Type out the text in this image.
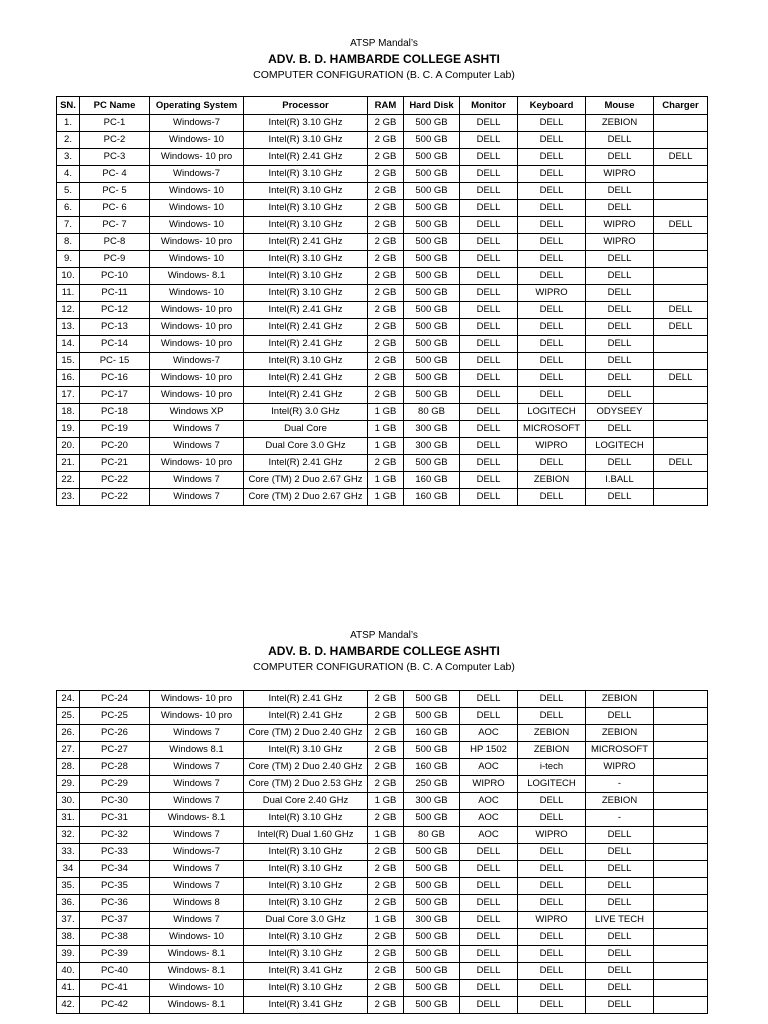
ATSP Mandal’s
ADV. B. D. HAMBARDE COLLEGE ASHTI
COMPUTER CONFIGURATION (B. C. A Computer Lab)
SN.	PC Name	Operating System	Processor	RAM	Hard Disk	Monitor	Keyboard	Mouse	Charger
1.	PC-1	Windows-7	Intel(R) 3.10 GHz	2 GB	500 GB	DELL	DELL	ZEBION	
2.	PC-2	Windows- 10	Intel(R) 3.10 GHz	2 GB	500 GB	DELL	DELL	DELL	
3.	PC-3	Windows- 10 pro	Intel(R) 2.41 GHz	2 GB	500 GB	DELL	DELL	DELL	DELL
4.	PC- 4	Windows-7	Intel(R) 3.10 GHz	2 GB	500 GB	DELL	DELL	WIPRO	
5.	PC- 5	Windows- 10	Intel(R) 3.10 GHz	2 GB	500 GB	DELL	DELL	DELL	
6.	PC- 6	Windows- 10	Intel(R) 3.10 GHz	2 GB	500 GB	DELL	DELL	DELL	
7.	PC- 7	Windows- 10	Intel(R) 3.10 GHz	2 GB	500 GB	DELL	DELL	WIPRO	DELL
8.	PC-8	Windows- 10 pro	Intel(R) 2.41 GHz	2 GB	500 GB	DELL	DELL	WIPRO	
9.	PC-9	Windows- 10	Intel(R) 3.10 GHz	2 GB	500 GB	DELL	DELL	DELL	
10.	PC-10	Windows- 8.1	Intel(R) 3.10 GHz	2 GB	500 GB	DELL	DELL	DELL	
11.	PC-11	Windows- 10	Intel(R) 3.10 GHz	2 GB	500 GB	DELL	WIPRO	DELL	
12.	PC-12	Windows- 10 pro	Intel(R) 2.41 GHz	2 GB	500 GB	DELL	DELL	DELL	DELL
13.	PC-13	Windows- 10 pro	Intel(R) 2.41 GHz	2 GB	500 GB	DELL	DELL	DELL	DELL
14.	PC-14	Windows- 10 pro	Intel(R) 2.41 GHz	2 GB	500 GB	DELL	DELL	DELL	
15.	PC- 15	Windows-7	Intel(R) 3.10 GHz	2 GB	500 GB	DELL	DELL	DELL	
16.	PC-16	Windows- 10 pro	Intel(R) 2.41 GHz	2 GB	500 GB	DELL	DELL	DELL	DELL
17.	PC-17	Windows- 10 pro	Intel(R) 2.41 GHz	2 GB	500 GB	DELL	DELL	DELL	
18.	PC-18	Windows XP	Intel(R) 3.0 GHz	1 GB	80 GB	DELL	LOGITECH	ODYSEEY	
19.	PC-19	Windows 7	Dual Core	1 GB	300 GB	DELL	MICROSOFT	DELL	
20.	PC-20	Windows 7	Dual Core 3.0 GHz	1 GB	300 GB	DELL	WIPRO	LOGITECH	
21.	PC-21	Windows- 10 pro	Intel(R) 2.41 GHz	2 GB	500 GB	DELL	DELL	DELL	DELL
22.	PC-22	Windows 7	Core (TM) 2 Duo 2.67 GHz	1 GB	160 GB	DELL	ZEBION	I.BALL	
23.	PC-22	Windows 7	Core (TM) 2 Duo 2.67 GHz	1 GB	160 GB	DELL	DELL	DELL	
ATSP Mandal’s
ADV. B. D. HAMBARDE COLLEGE ASHTI
COMPUTER CONFIGURATION (B. C. A Computer Lab)
24.	PC-24	Windows- 10 pro	Intel(R) 2.41 GHz	2 GB	500 GB	DELL	DELL	ZEBION	
25.	PC-25	Windows- 10 pro	Intel(R) 2.41 GHz	2 GB	500 GB	DELL	DELL	DELL	
26.	PC-26	Windows 7	Core (TM) 2 Duo 2.40 GHz	2 GB	160 GB	AOC	ZEBION	ZEBION	
27.	PC-27	Windows 8.1	Intel(R) 3.10 GHz	2 GB	500 GB	HP 1502	ZEBION	MICROSOFT	
28.	PC-28	Windows 7	Core (TM) 2 Duo 2.40 GHz	2 GB	160 GB	AOC	i-tech	WIPRO	
29.	PC-29	Windows 7	Core (TM) 2 Duo 2.53 GHz	2 GB	250 GB	WIPRO	LOGITECH	-	
30.	PC-30	Windows 7	Dual Core 2.40 GHz	1 GB	300 GB	AOC	DELL	ZEBION	
31.	PC-31	Windows- 8.1	Intel(R) 3.10 GHz	2 GB	500 GB	AOC	DELL	-	
32.	PC-32	Windows 7	Intel(R) Dual 1.60 GHz	1 GB	80 GB	AOC	WIPRO	DELL	
33.	PC-33	Windows-7	Intel(R) 3.10 GHz	2 GB	500 GB	DELL	DELL	DELL	
34	PC-34	Windows 7	Intel(R) 3.10 GHz	2 GB	500 GB	DELL	DELL	DELL	
35.	PC-35	Windows 7	Intel(R) 3.10 GHz	2 GB	500 GB	DELL	DELL	DELL	
36.	PC-36	Windows 8	Intel(R) 3.10 GHz	2 GB	500 GB	DELL	DELL	DELL	
37.	PC-37	Windows 7	Dual Core 3.0 GHz	1 GB	300 GB	DELL	WIPRO	LIVE TECH	
38.	PC-38	Windows- 10	Intel(R) 3.10 GHz	2 GB	500 GB	DELL	DELL	DELL	
39.	PC-39	Windows- 8.1	Intel(R) 3.10 GHz	2 GB	500 GB	DELL	DELL	DELL	
40.	PC-40	Windows- 8.1	Intel(R) 3.41 GHz	2 GB	500 GB	DELL	DELL	DELL	
41.	PC-41	Windows- 10	Intel(R) 3.10 GHz	2 GB	500 GB	DELL	DELL	DELL	
42.	PC-42	Windows- 8.1	Intel(R) 3.41 GHz	2 GB	500 GB	DELL	DELL	DELL	
